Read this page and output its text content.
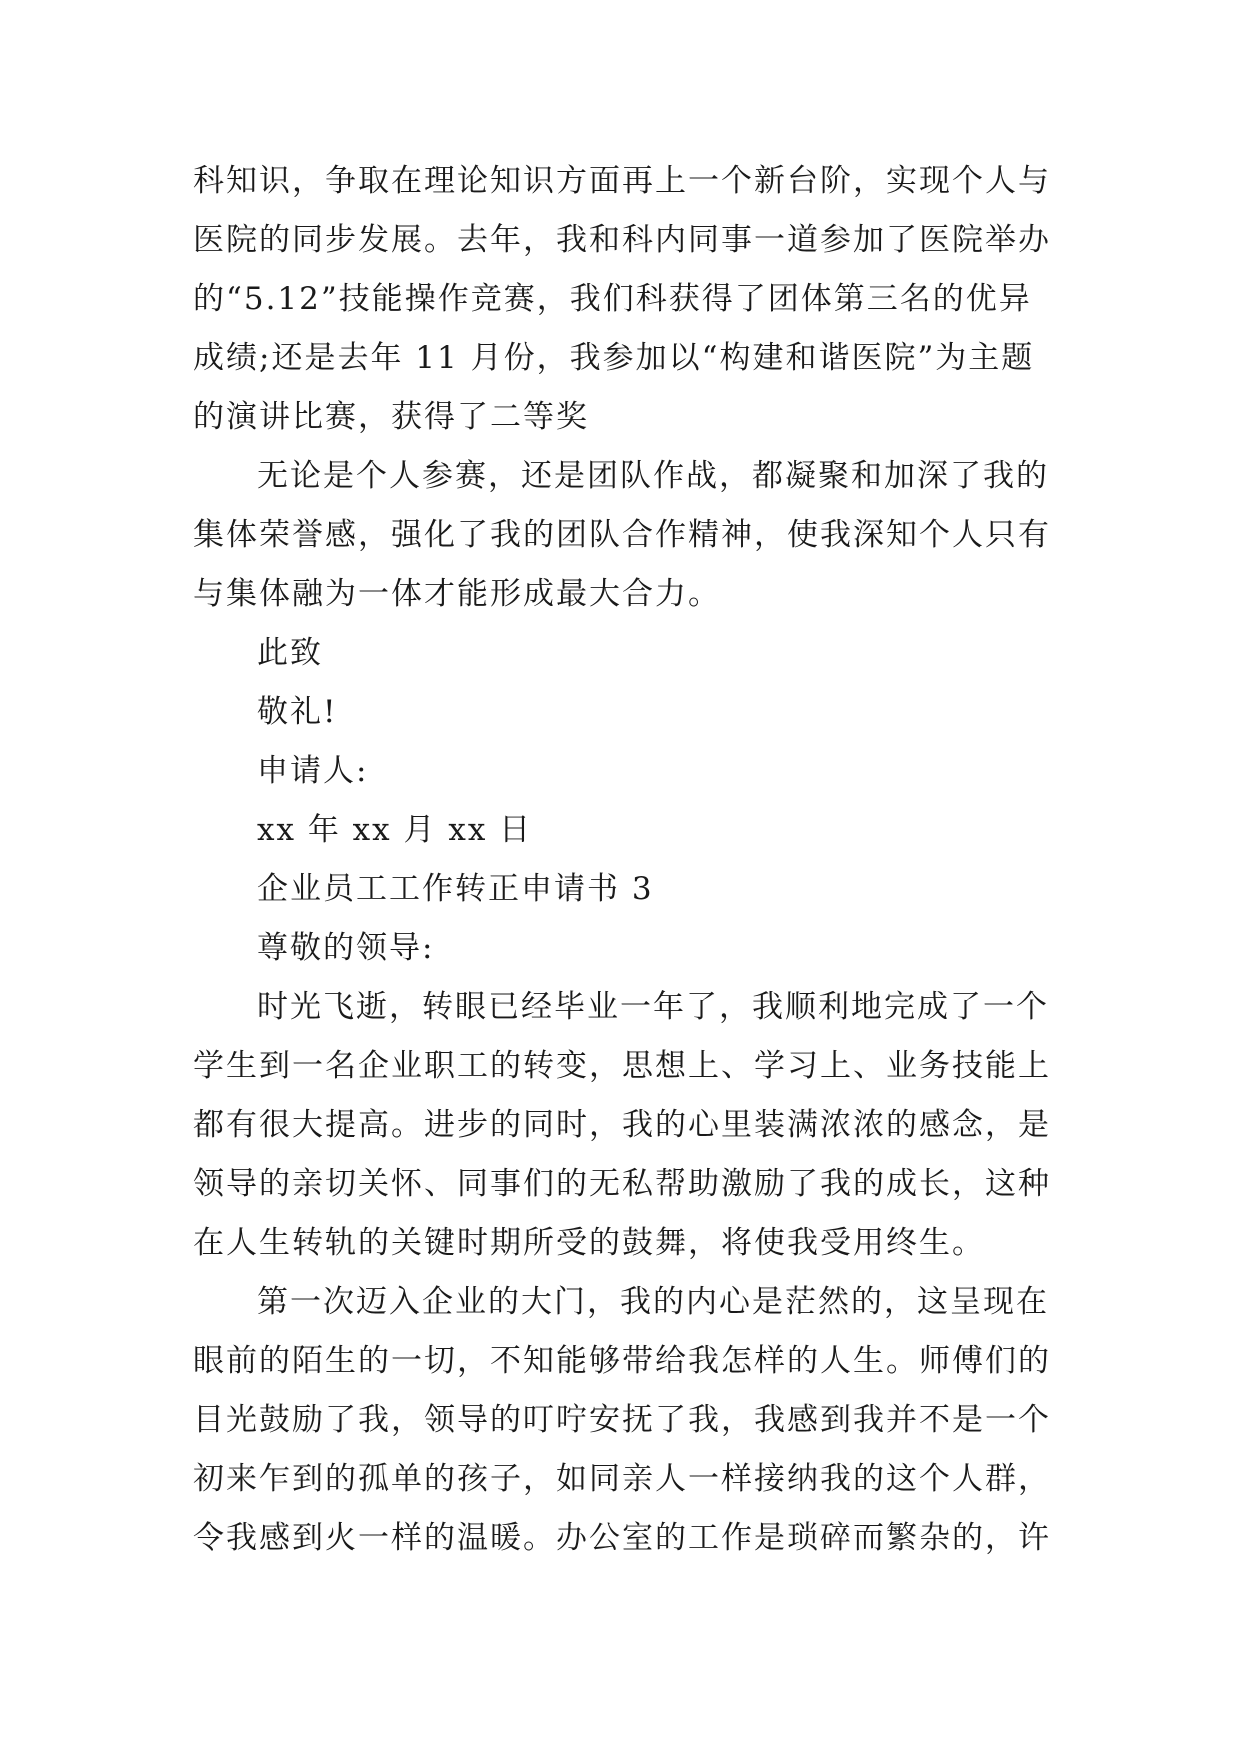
科知识，争取在理论知识方面再上一个新台阶，实现个人与
医院的同步发展。去年，我和科内同事一道参加了医院举办
的“5.12”技能操作竞赛，我们科获得了团体第三名的优异
成绩;还是去年 11 月份，我参加以“构建和谐医院”为主题
的演讲比赛，获得了二等奖
无论是个人参赛，还是团队作战，都凝聚和加深了我的
集体荣誉感，强化了我的团队合作精神，使我深知个人只有
与集体融为一体才能形成最大合力。
此致
敬礼!
申请人:
xx 年 xx 月 xx 日
企业员工工作转正申请书 3
尊敬的领导:
时光飞逝，转眼已经毕业一年了，我顺利地完成了一个
学生到一名企业职工的转变，思想上、学习上、业务技能上
都有很大提高。进步的同时，我的心里装满浓浓的感念，是
领导的亲切关怀、同事们的无私帮助激励了我的成长，这种
在人生转轨的关键时期所受的鼓舞，将使我受用终生。
第一次迈入企业的大门，我的内心是茫然的，这呈现在
眼前的陌生的一切，不知能够带给我怎样的人生。师傅们的
目光鼓励了我，领导的叮咛安抚了我，我感到我并不是一个
初来乍到的孤单的孩子，如同亲人一样接纳我的这个人群，
令我感到火一样的温暖。办公室的工作是琐碎而繁杂的，许
